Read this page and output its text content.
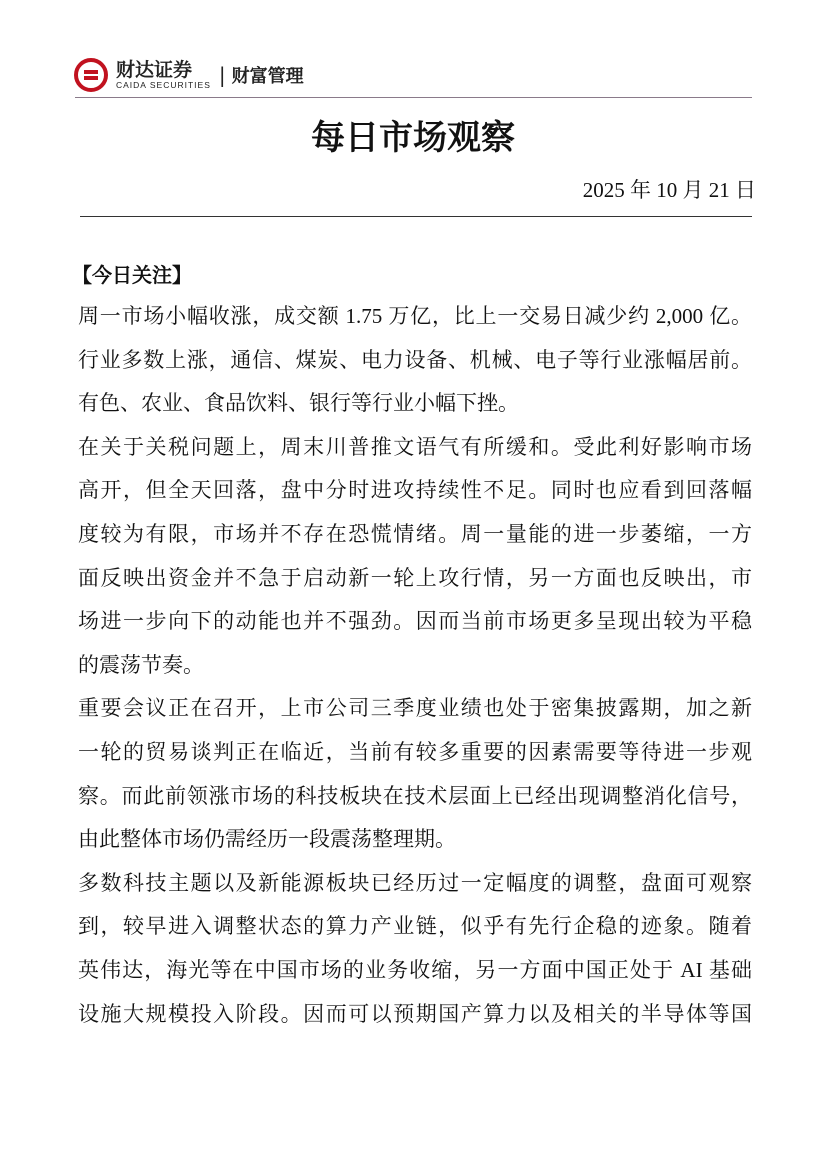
财达证券
CAIDA SECURITIES | 财富管理
每日市场观察
2025 年 10 月 21 日
【今日关注】
周一市场小幅收涨，成交额 1.75 万亿，比上一交易日减少约 2,000 亿。
行业多数上涨，通信、煤炭、电力设备、机械、电子等行业涨幅居前。
有色、农业、食品饮料、银行等行业小幅下挫。
在关于关税问题上，周末川普推文语气有所缓和。受此利好影响市场
高开，但全天回落，盘中分时进攻持续性不足。同时也应看到回落幅
度较为有限，市场并不存在恐慌情绪。周一量能的进一步萎缩，一方
面反映出资金并不急于启动新一轮上攻行情，另一方面也反映出，市
场进一步向下的动能也并不强劲。因而当前市场更多呈现出较为平稳
的震荡节奏。
重要会议正在召开，上市公司三季度业绩也处于密集披露期，加之新
一轮的贸易谈判正在临近，当前有较多重要的因素需要等待进一步观
察。而此前领涨市场的科技板块在技术层面上已经出现调整消化信号，
由此整体市场仍需经历一段震荡整理期。
多数科技主题以及新能源板块已经历过一定幅度的调整，盘面可观察
到，较早进入调整状态的算力产业链，似乎有先行企稳的迹象。随着
英伟达，海光等在中国市场的业务收缩，另一方面中国正处于 AI 基础
设施大规模投入阶段。因而可以预期国产算力以及相关的半导体等国
